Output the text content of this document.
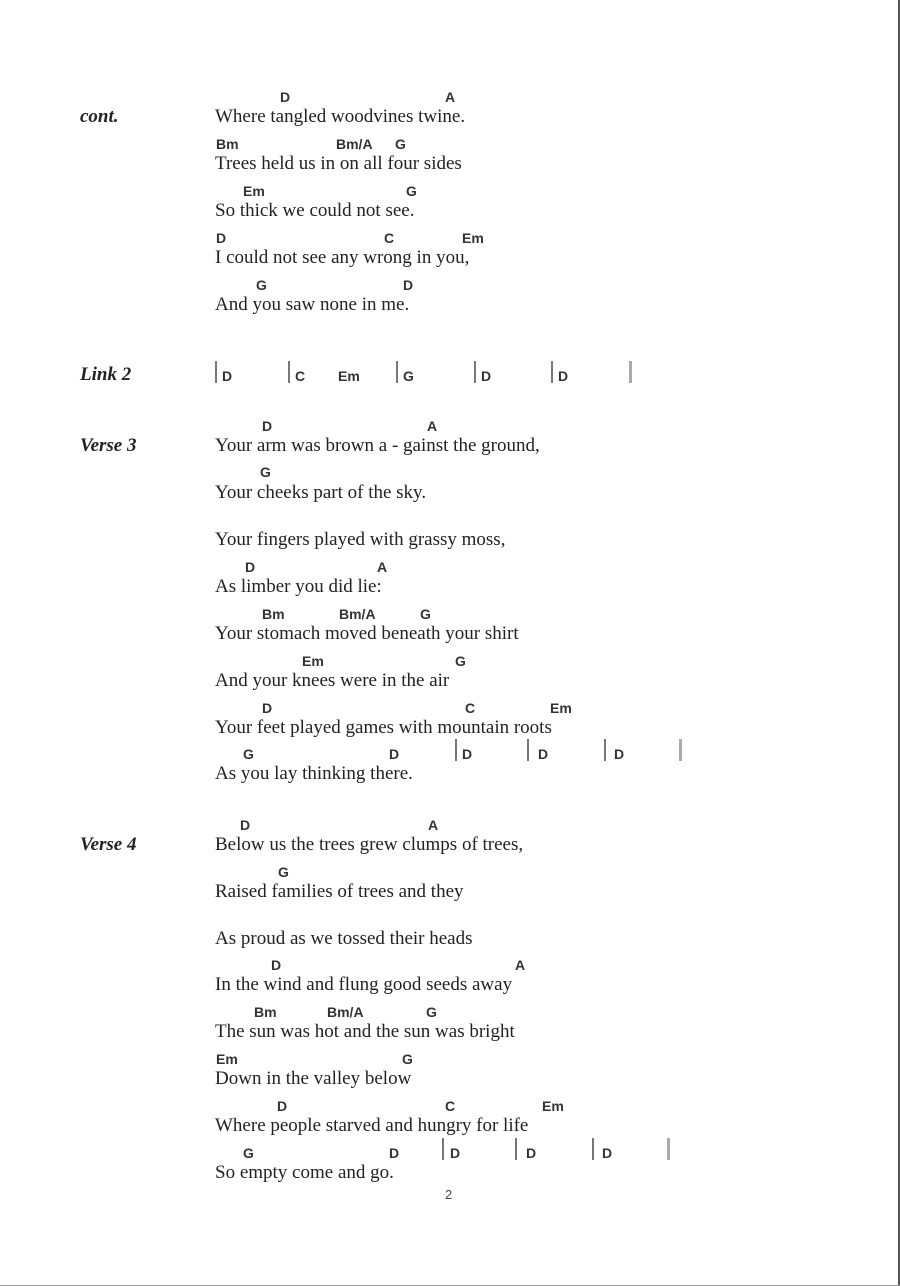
cont.
D	A
Where tangled woodvines twine.
Bm	Bm/A G
Trees held us in on all four sides
Em	G
So thick we could not see.
D	C	Em
I could not see any wrong in you,
G	D
And you saw none in me.
Link 2	D	C Em	G	D	D
Verse 3
D	A
Your arm was brown a - gainst the ground,
G
Your cheeks part of the sky.
Your fingers played with grassy moss,
D	A
As limber you did lie:
Bm	Bm/A	G
Your stomach moved beneath your shirt
Em	G
And your knees were in the air
D	C	Em
Your feet played games with mountain roots
G	D	D	D	D
As you lay thinking there.
Verse 4
D	A
Below us the trees grew clumps of trees,
G
Raised families of trees and they
As proud as we tossed their heads
D	A
In the wind and flung good seeds away
Bm	Bm/A	G
The sun was hot and the sun was bright
Em	G
Down in the valley below
D	C	Em
Where people starved and hungry for life
G	D	D	D	D
So empty come and go.
2
